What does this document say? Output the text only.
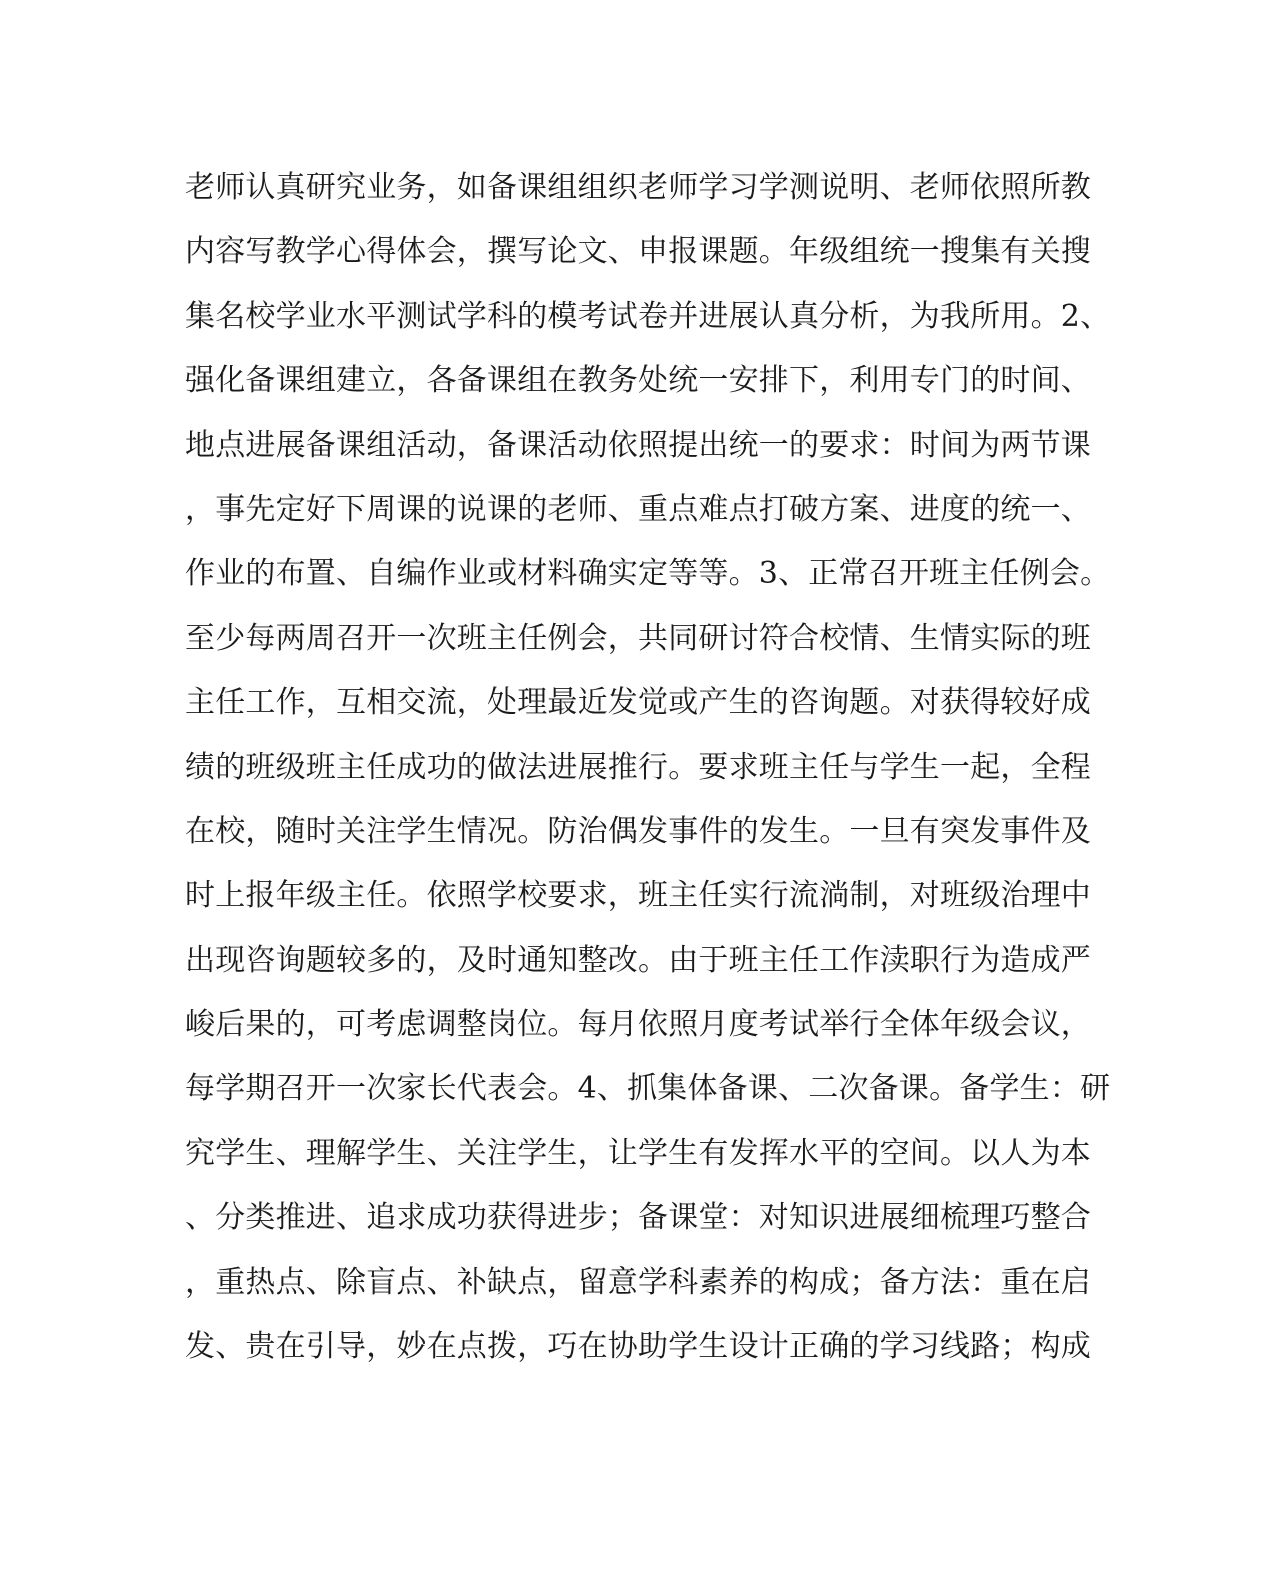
老师认真研究业务，如备课组组织老师学习学测说明、老师依照所教
内容写教学心得体会，撰写论文、申报课题。年级组统一搜集有关搜
集名校学业水平测试学科的模考试卷并进展认真分析，为我所用。2、
强化备课组建立，各备课组在教务处统一安排下，利用专门的时间、
地点进展备课组活动，备课活动依照提出统一的要求：时间为两节课
，事先定好下周课的说课的老师、重点难点打破方案、进度的统一、
作业的布置、自编作业或材料确实定等等。3、正常召开班主任例会。
至少每两周召开一次班主任例会，共同研讨符合校情、生情实际的班
主任工作，互相交流，处理最近发觉或产生的咨询题。对获得较好成
绩的班级班主任成功的做法进展推行。要求班主任与学生一起，全程
在校，随时关注学生情况。防治偶发事件的发生。一旦有突发事件及
时上报年级主任。依照学校要求，班主任实行流淌制，对班级治理中
出现咨询题较多的，及时通知整改。由于班主任工作渎职行为造成严
峻后果的，可考虑调整岗位。每月依照月度考试举行全体年级会议，
每学期召开一次家长代表会。4、抓集体备课、二次备课。备学生：研
究学生、理解学生、关注学生，让学生有发挥水平的空间。以人为本
、分类推进、追求成功获得进步；备课堂：对知识进展细梳理巧整合
，重热点、除盲点、补缺点，留意学科素养的构成；备方法：重在启
发、贵在引导，妙在点拨，巧在协助学生设计正确的学习线路；构成
